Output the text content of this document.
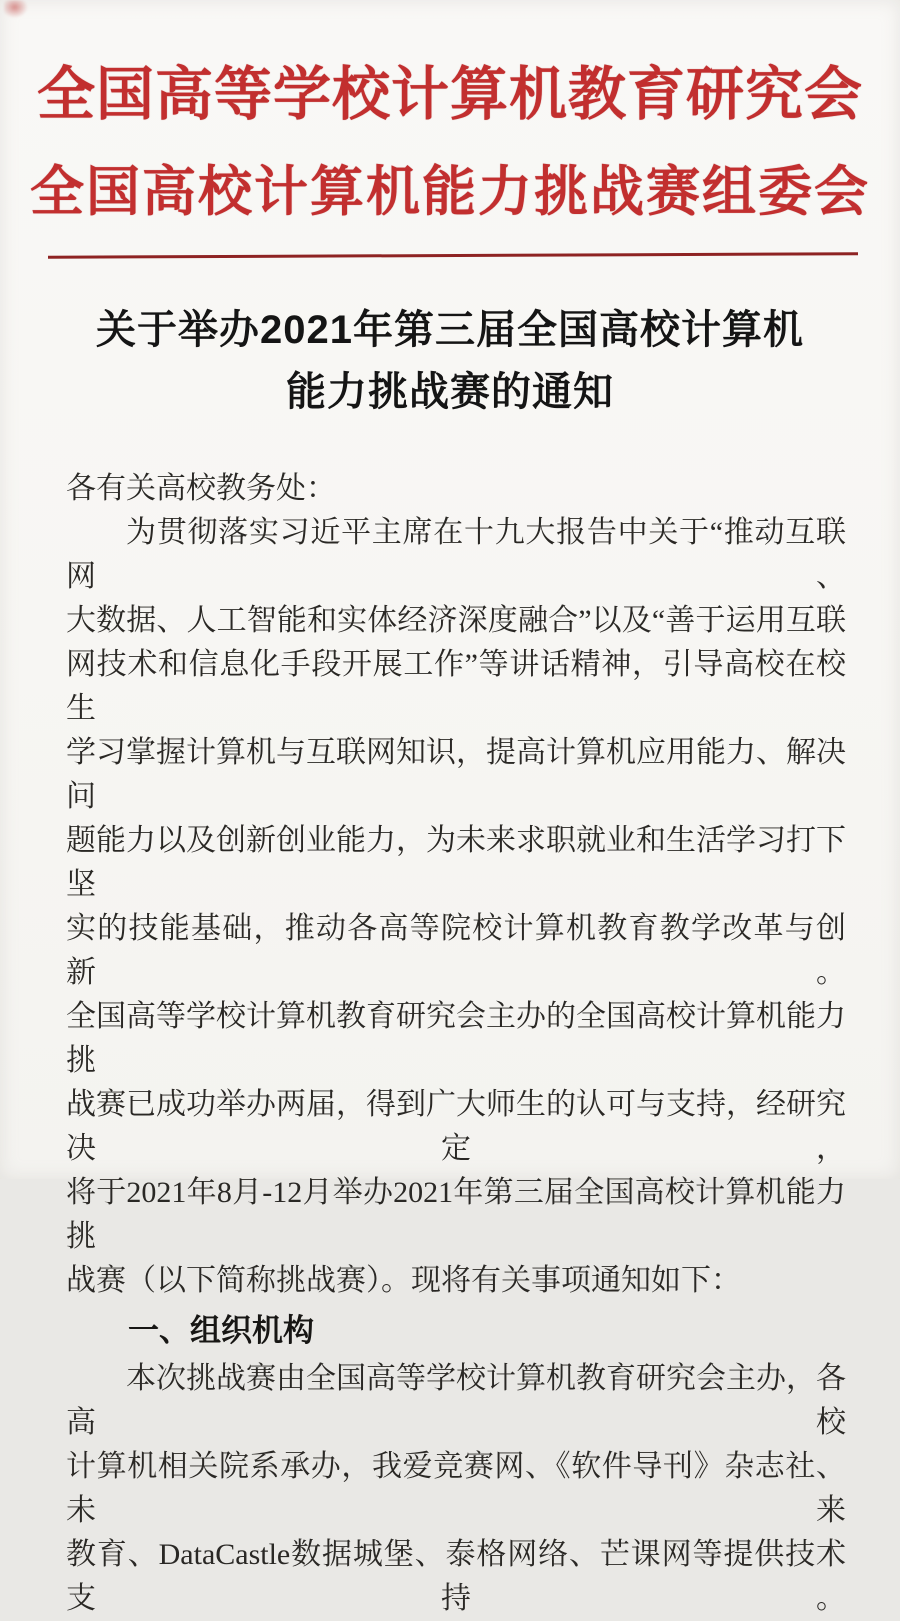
全国高等学校计算机教育研究会
全国高校计算机能力挑战赛组委会
关于举办2021年第三届全国高校计算机
能力挑战赛的通知
各有关高校教务处：
为贯彻落实习近平主席在十九大报告中关于“推动互联网、
大数据、人工智能和实体经济深度融合”以及“善于运用互联
网技术和信息化手段开展工作”等讲话精神，引导高校在校生
学习掌握计算机与互联网知识，提高计算机应用能力、解决问
题能力以及创新创业能力，为未来求职就业和生活学习打下坚
实的技能基础，推动各高等院校计算机教育教学改革与创新。
全国高等学校计算机教育研究会主办的全国高校计算机能力挑
战赛已成功举办两届，得到广大师生的认可与支持，经研究决定，
将于2021年8月-12月举办2021年第三届全国高校计算机能力挑
战赛（以下简称挑战赛）。现将有关事项通知如下：
一、组织机构
本次挑战赛由全国高等学校计算机教育研究会主办，各高校
计算机相关院系承办，我爱竞赛网、《软件导刊》杂志社、未来
教育、DataCastle数据城堡、泰格网络、芒课网等提供技术支持。
